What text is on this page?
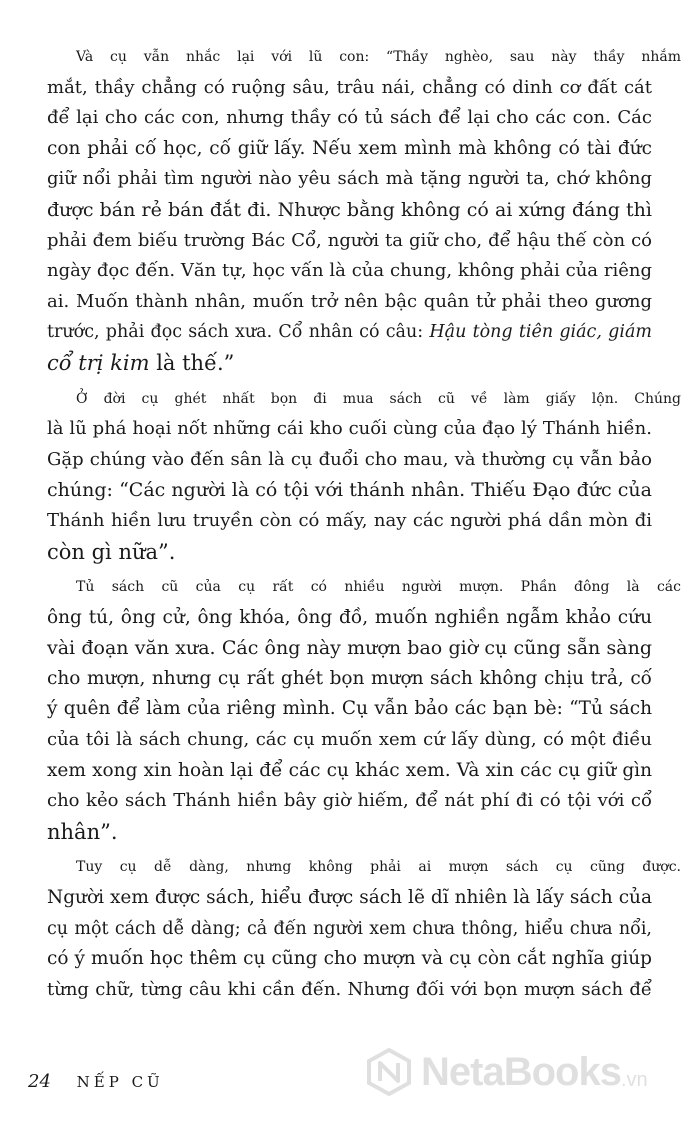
Và cụ vẫn nhắc lại với lũ con: “Thầy nghèo, sau này thầy nhắm
mắt, thầy chẳng có ruộng sâu, trâu nái, chẳng có dinh cơ đất cát
để lại cho các con, nhưng thầy có tủ sách để lại cho các con. Các
con phải cố học, cố giữ lấy. Nếu xem mình mà không có tài đức
giữ nổi phải tìm người nào yêu sách mà tặng người ta, chớ không
được bán rẻ bán đắt đi. Nhược bằng không có ai xứng đáng thì
phải đem biếu trường Bác Cổ, người ta giữ cho, để hậu thế còn có
ngày đọc đến. Văn tự, học vấn là của chung, không phải của riêng
ai. Muốn thành nhân, muốn trở nên bậc quân tử phải theo gương
trước, phải đọc sách xưa. Cổ nhân có câu: Hậu tòng tiên giác, giám
cổ trị kim là thế.”
Ở đời cụ ghét nhất bọn đi mua sách cũ về làm giấy lộn. Chúng
là lũ phá hoại nốt những cái kho cuối cùng của đạo lý Thánh hiền.
Gặp chúng vào đến sân là cụ đuổi cho mau, và thường cụ vẫn bảo
chúng: “Các người là có tội với thánh nhân. Thiếu Đạo đức của
Thánh hiền lưu truyền còn có mấy, nay các người phá dần mòn đi
còn gì nữa”.
Tủ sách cũ của cụ rất có nhiều người mượn. Phần đông là các
ông tú, ông cử, ông khóa, ông đồ, muốn nghiền ngẫm khảo cứu
vài đoạn văn xưa. Các ông này mượn bao giờ cụ cũng sẵn sàng
cho mượn, nhưng cụ rất ghét bọn mượn sách không chịu trả, cố
ý quên để làm của riêng mình. Cụ vẫn bảo các bạn bè: “Tủ sách
của tôi là sách chung, các cụ muốn xem cứ lấy dùng, có một điều
xem xong xin hoàn lại để các cụ khác xem. Và xin các cụ giữ gìn
cho kẻo sách Thánh hiền bây giờ hiếm, để nát phí đi có tội với cổ
nhân”.
Tuy cụ dễ dàng, nhưng không phải ai mượn sách cụ cũng được.
Người xem được sách, hiểu được sách lẽ dĩ nhiên là lấy sách của
cụ một cách dễ dàng; cả đến người xem chưa thông, hiểu chưa nổi,
có ý muốn học thêm cụ cũng cho mượn và cụ còn cắt nghĩa giúp
từng chữ, từng câu khi cần đến. Nhưng đối với bọn mượn sách để
24 NẾP CŨ	NetaBooks .vn
